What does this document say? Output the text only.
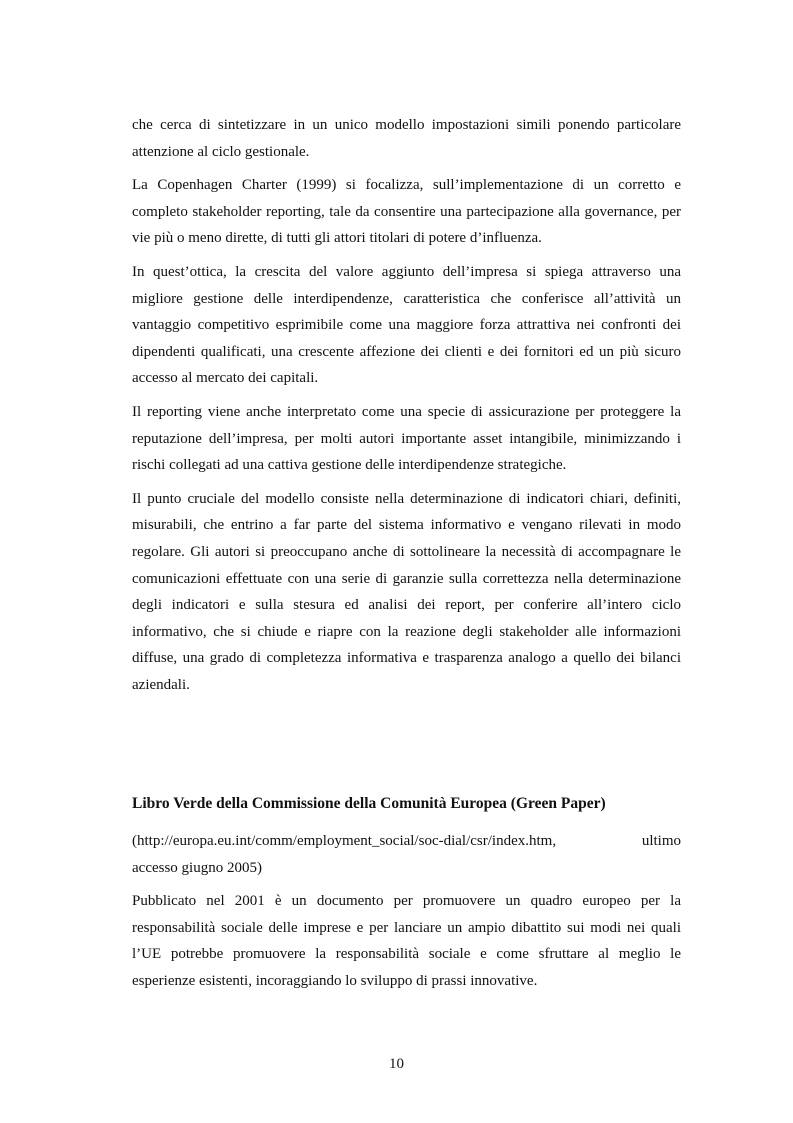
che cerca di sintetizzare in un unico modello impostazioni simili ponendo particolare attenzione al ciclo gestionale.

La Copenhagen Charter (1999) si focalizza, sull’implementazione di un corretto e completo stakeholder reporting, tale da consentire una partecipazione alla governance, per vie più o meno dirette, di tutti gli attori titolari di potere d’influenza.

In quest’ottica, la crescita del valore aggiunto dell’impresa si spiega attraverso una migliore gestione delle interdipendenze, caratteristica che conferisce all’attività un vantaggio competitivo esprimibile come una maggiore forza attrattiva nei confronti dei dipendenti qualificati, una crescente affezione dei clienti e dei fornitori ed un più sicuro accesso al mercato dei capitali.

Il reporting viene anche interpretato come una specie di assicurazione per proteggere la reputazione dell’impresa, per molti autori importante asset intangibile, minimizzando i rischi collegati ad una cattiva gestione delle interdipendenze strategiche.

Il punto cruciale del modello consiste nella determinazione di indicatori chiari, definiti, misurabili, che entrino a far parte del sistema informativo e vengano rilevati in modo regolare. Gli autori si preoccupano anche di sottolineare la necessità di accompagnare le comunicazioni effettuate con una serie di garanzie sulla correttezza nella determinazione degli indicatori e sulla stesura ed analisi dei report, per conferire all’intero ciclo informativo, che si chiude e riapre con la reazione degli stakeholder alle informazioni diffuse, una grado di completezza informativa e trasparenza analogo a quello dei bilanci aziendali.

Libro Verde della Commissione della Comunità Europea (Green Paper)
(http://europa.eu.int/comm/employment_social/soc-dial/csr/index.htm,	ultimo

accesso giugno 2005)

Pubblicato nel 2001 è un documento per promuovere un quadro europeo per la responsabilità sociale delle imprese e per lanciare un ampio dibattito sui modi nei quali l’UE potrebbe promuovere la responsabilità sociale e come sfruttare al meglio le esperienze esistenti, incoraggiando lo sviluppo di prassi innovative.

10
